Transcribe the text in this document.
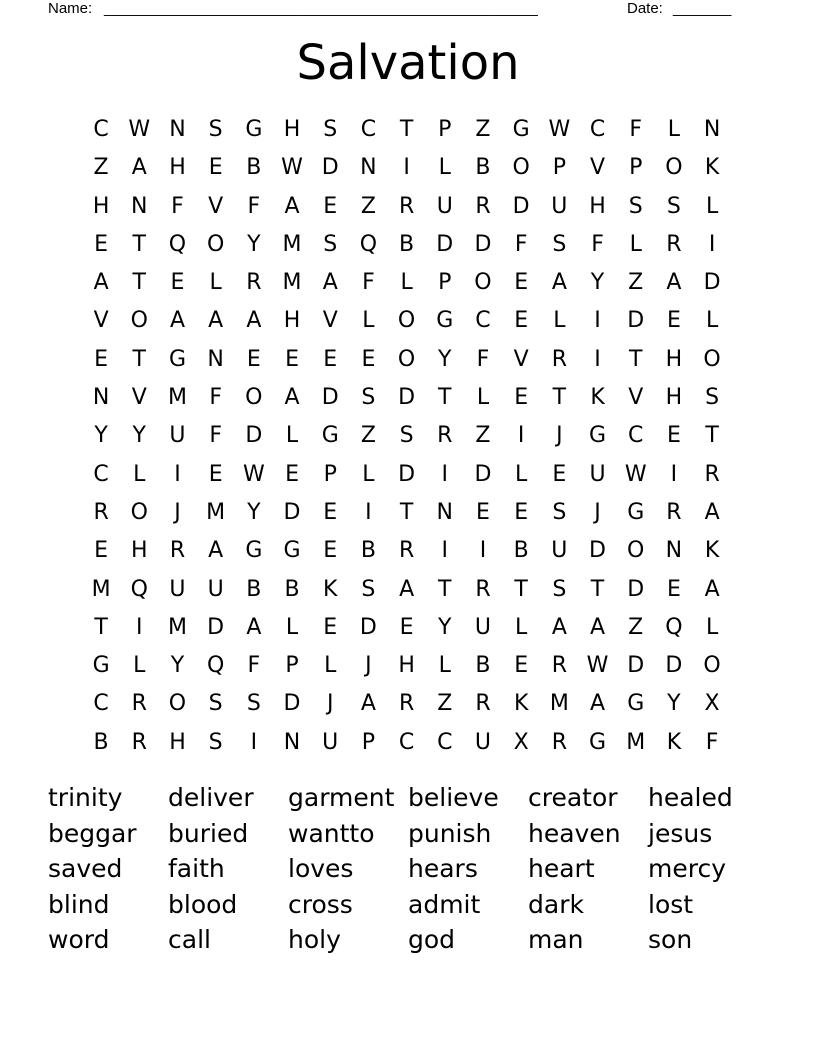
Name: ____________________________________________________	Date: _______
Salvation
C W N	S	G H	S	C	T	P	Z	G W C	F	L	N
Z	A	H	E	B W D N	I	L	B O	P	V	P	O	K
H N	F	V	F	A	E	Z	R	U	R	D U H	S	S	L
E	T	Q O	Y M S	Q B	D D	F	S	F	L	R	I
A	T	E	L	R M A	F	L	P	O	E	A	Y	Z	A	D
V O	A	A	A	H	V	L	O G C	E	L	I	D	E	L
E	T	G N	E	E	E	E	O	Y	F	V	R	I	T	H O
N	V M	F	O	A	D	S	D	T	L	E	T	K	V	H	S
Y	Y	U	F	D	L	G	Z	S	R	Z	I	J	G C	E	T
C	L	I	E W E	P	L	D	I	D	L	E	U W	I	R
R O	J	M Y	D	E	I	T	N	E	E	S	J	G	R	A
E	H	R	A	G G	E	B	R	I	I	B	U D O N	K
M Q U	U	B	B	K	S	A	T	R	T	S	T	D	E	A
T	I	M D	A	L	E	D	E	Y	U	L	A	A	Z Q	L
G	L	Y	Q	F	P	L	J	H	L	B	E	R W D D O
C	R O	S	S	D	J	A	R	Z	R	K M A	G	Y	X
B	R	H	S	I	N U	P	C	C	U	X	R	G M K	F
trinity	deliver	garment believe	creator	healed
beggar	buried	wantto	punish	heaven	jesus
saved	faith	loves	hears	heart	mercy
blind	blood	cross	admit	dark	lost
word	call	holy	god	man	son
